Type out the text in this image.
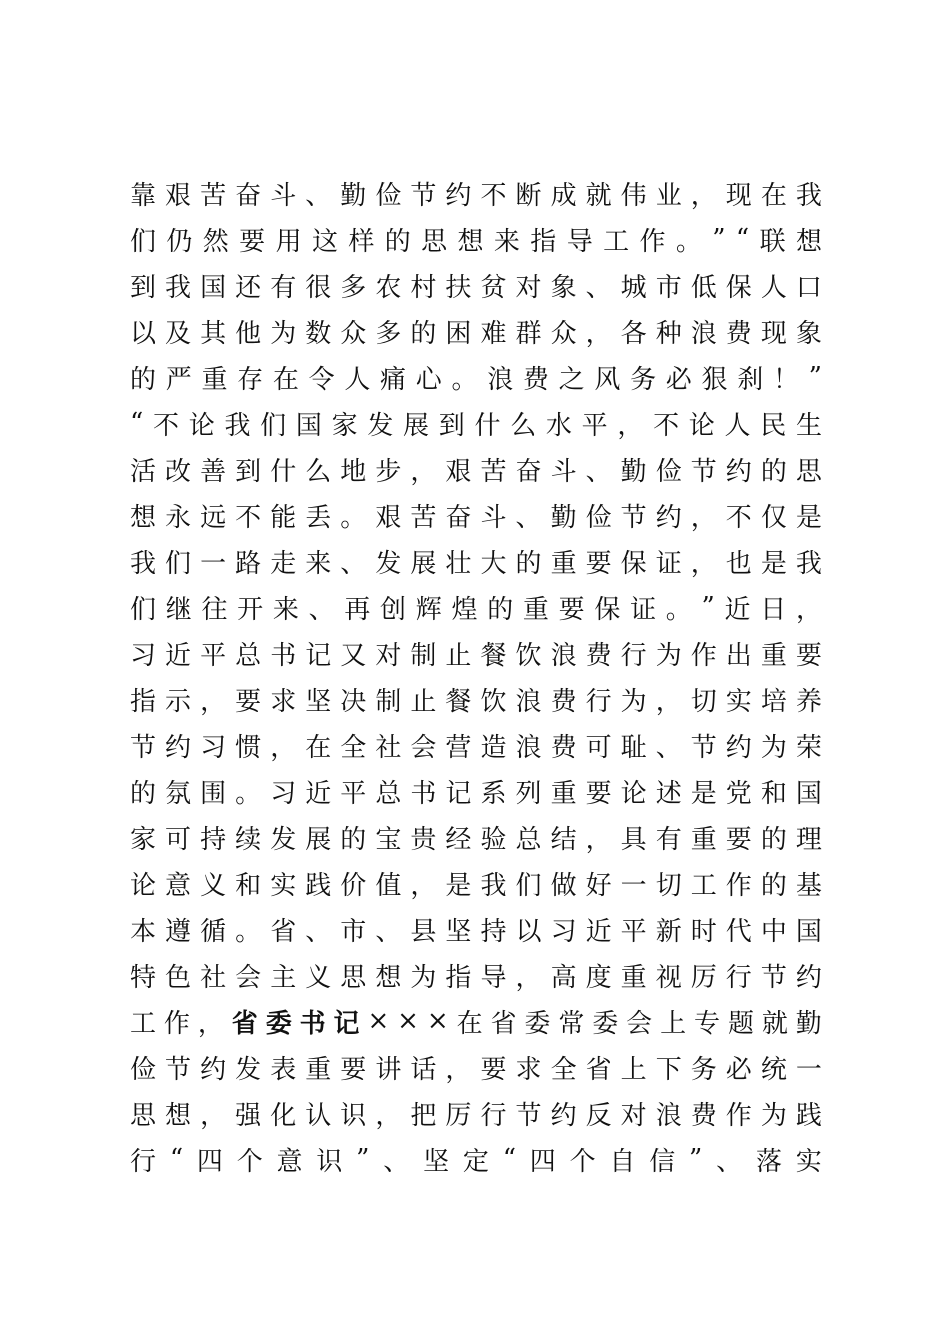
靠 艰 苦 奋 斗 、 勤 俭 节 约 不 断 成 就 伟 业 ， 现 在 我
们 仍 然 要 用 这 样 的 思 想 来 指 导 工 作 。 ” “ 联 想
到 我 国 还 有 很 多 农 村 扶 贫 对 象 、 城 市 低 保 人 口
以 及 其 他 为 数 众 多 的 困 难 群 众 ， 各 种 浪 费 现 象
的 严 重 存 在 令 人 痛 心 。 浪 费 之 风 务 必 狠 刹 ！ ”
“ 不 论 我 们 国 家 发 展 到 什 么 水 平 ， 不 论 人 民 生
活 改 善 到 什 么 地 步 ， 艰 苦 奋 斗 、 勤 俭 节 约 的 思
想 永 远 不 能 丢 。 艰 苦 奋 斗 、 勤 俭 节 约 ， 不 仅 是
我 们 一 路 走 来 、 发 展 壮 大 的 重 要 保 证 ， 也 是 我
们 继 往 开 来 、 再 创 辉 煌 的 重 要 保 证 。 ” 近 日 ，
习 近 平 总 书 记 又 对 制 止 餐 饮 浪 费 行 为 作 出 重 要
指 示 ， 要 求 坚 决 制 止 餐 饮 浪 费 行 为 ， 切 实 培 养
节 约 习 惯 ， 在 全 社 会 营 造 浪 费 可 耻 、 节 约 为 荣
的 氛 围 。 习 近 平 总 书 记 系 列 重 要 论 述 是 党 和 国
家 可 持 续 发 展 的 宝 贵 经 验 总 结 ， 具 有 重 要 的 理
论 意 义 和 实 践 价 值 ， 是 我 们 做 好 一 切 工 作 的 基
本 遵 循 。 省 、 市 、 县 坚 持 以 习 近 平 新 时 代 中 国
特 色 社 会 主 义 思 想 为 指 导 ， 高 度 重 视 厉 行 节 约
工 作 ， 省 委 书 记 × × × 在 省 委 常 委 会 上 专 题 就 勤
俭 节 约 发 表 重 要 讲 话 ， 要 求 全 省 上 下 务 必 统 一
思 想 ， 强 化 认 识 ， 把 厉 行 节 约 反 对 浪 费 作 为 践
行 “ 四 个 意 识 ” 、 坚 定 “ 四 个 自 信 ” 、 落 实
